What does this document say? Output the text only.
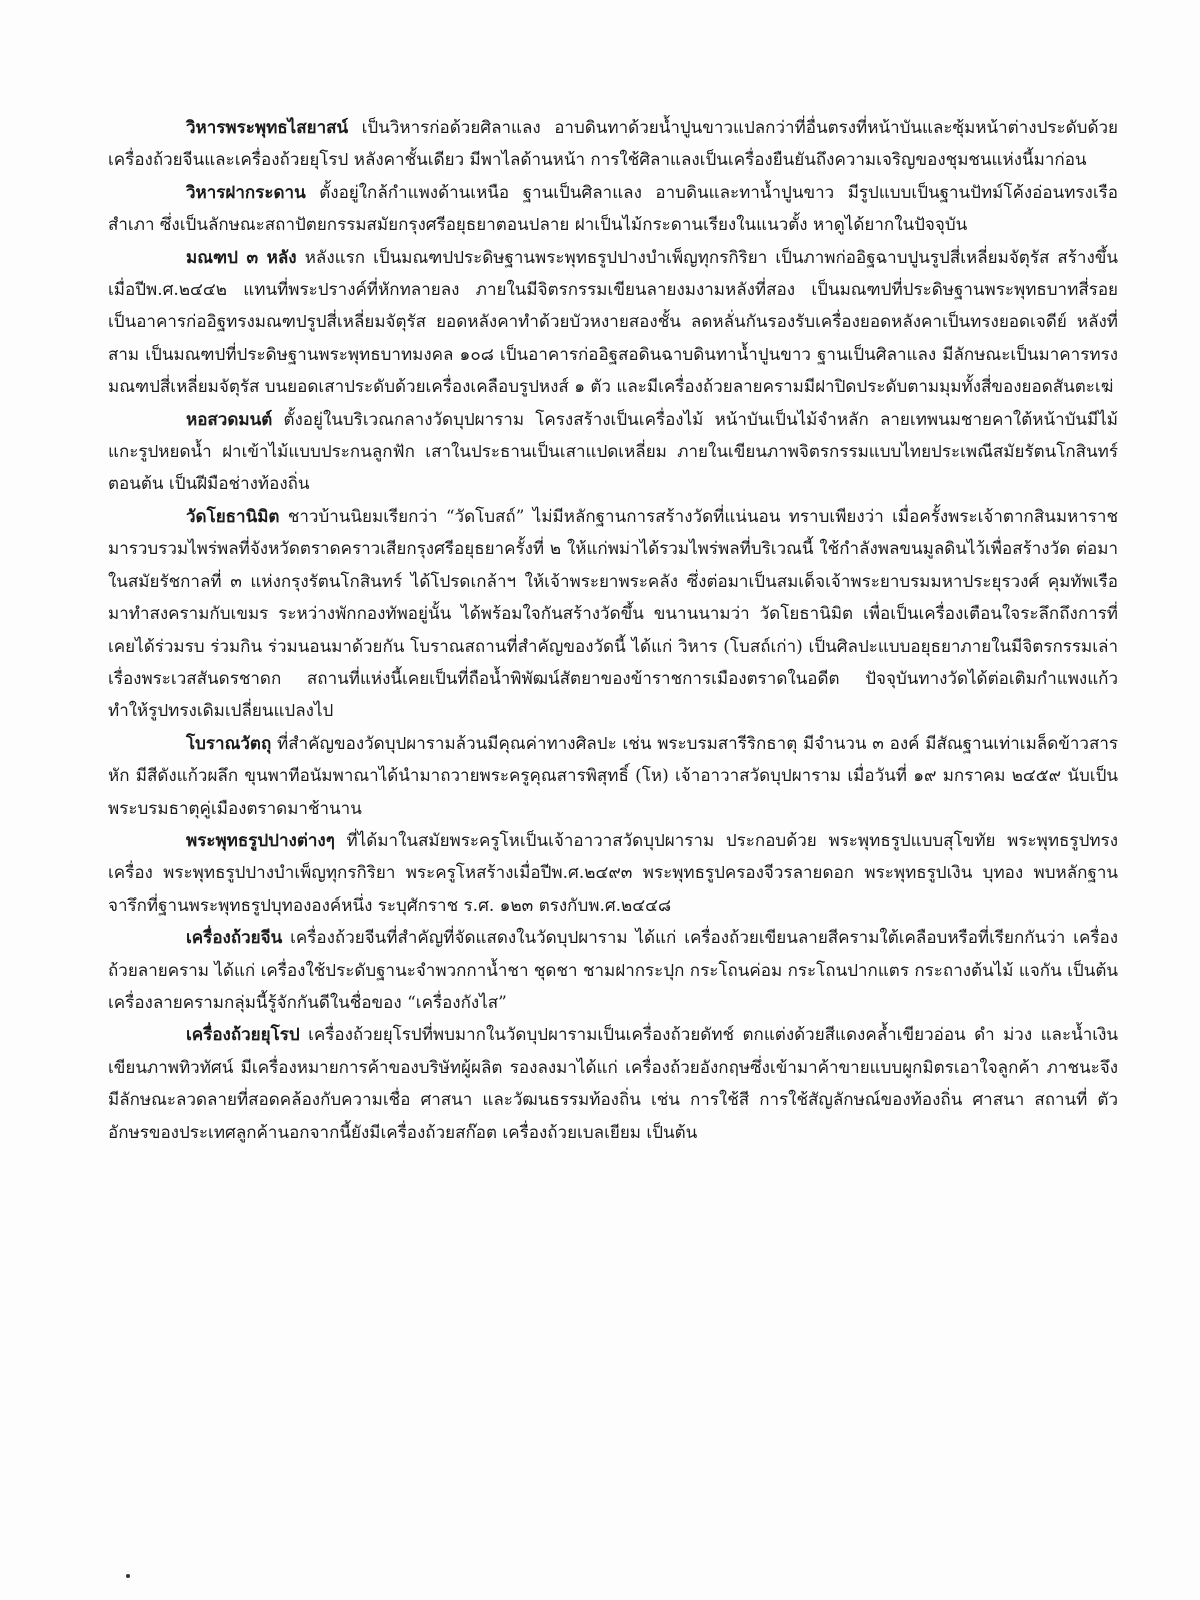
วิหารพระพุทธไสยาสน์ เป็นวิหารก่อด้วยศิลาแลง อาบดินทาด้วยน้ำปูนขาวแปลกว่าที่อื่นตรงที่หน้าบันและซุ้มหน้าต่างประดับด้วยเครื่องถ้วยจีนและเครื่องถ้วยยุโรป หลังคาชั้นเดียว มีพาไลด้านหน้า การใช้ศิลาแลงเป็นเครื่องยืนยันถึงความเจริญของชุมชนแห่งนี้มาก่อน

วิหารฝากระดาน ตั้งอยู่ใกล้กำแพงด้านเหนือ ฐานเป็นศิลาแลง อาบดินและทาน้ำปูนขาว มีรูปแบบเป็นฐานปัทม์โค้งอ่อนทรงเรือสำเภา ซึ่งเป็นลักษณะสถาปัตยกรรมสมัยกรุงศรีอยุธยาตอนปลาย ฝาเป็นไม้กระดานเรียงในแนวตั้ง หาดูได้ยากในปัจจุบัน

มณฑป ๓ หลัง หลังแรก เป็นมณฑปประดิษฐานพระพุทธรูปปางบำเพ็ญทุกรกิริยา เป็นภาพก่ออิฐฉาบปูนรูปสี่เหลี่ยมจัตุรัส สร้างขึ้นเมื่อปีพ.ศ.๒๔๔๒ แทนที่พระปรางค์ที่หักทลายลง ภายในมีจิตรกรรมเขียนลายงมงามหลังที่สอง เป็นมณฑปที่ประดิษฐานพระพุทธบาทสี่รอย เป็นอาคารก่ออิฐทรงมณฑปรูปสี่เหลี่ยมจัตุรัส ยอดหลังคาทำด้วยบัวหงายสองชั้น ลดหลั่นกันรองรับเครื่องยอดหลังคาเป็นทรงยอดเจดีย์ หลังที่สาม เป็นมณฑปที่ประดิษฐานพระพุทธบาทมงคล ๑๐๘ เป็นอาคารก่ออิฐสอดินฉาบดินทาน้ำปูนขาว ฐานเป็นศิลาแลง มีลักษณะเป็นมาคารทรงมณฑปสี่เหลี่ยมจัตุรัส บนยอดเสาประดับด้วยเครื่องเคลือบรูปหงส์ ๑ ตัว และมีเครื่องถ้วยลายครามมีฝาปิดประดับตามมุมทั้งสี่ของยอดสันตะเฆ่

หอสวดมนต์ ตั้งอยู่ในบริเวณกลางวัดบุปผาราม โครงสร้างเป็นเครื่องไม้ หน้าบันเป็นไม้จำหลัก ลายเทพนมชายคาใต้หน้าบันมีไม้แกะรูปหยดน้ำ ฝาเข้าไม้แบบประกนลูกฟัก เสาในประธานเป็นเสาแปดเหลี่ยม ภายในเขียนภาพจิตรกรรมแบบไทยประเพณีสมัยรัตนโกสินทร์ตอนต้น เป็นฝีมือช่างท้องถิ่น

วัดโยธานิมิต ชาวบ้านนิยมเรียกว่า “วัดโบสถ์” ไม่มีหลักฐานการสร้างวัดที่แน่นอน ทราบเพียงว่า เมื่อครั้งพระเจ้าตากสินมหาราชมารวบรวมไพร่พลที่จังหวัดตราดคราวเสียกรุงศรีอยุธยาครั้งที่ ๒ ให้แก่พม่าได้รวมไพร่พลที่บริเวณนี้ ใช้กำลังพลขนมูลดินไว้เพื่อสร้างวัด ต่อมาในสมัยรัชกาลที่ ๓ แห่งกรุงรัตนโกสินทร์ ได้โปรดเกล้าฯ ให้เจ้าพระยาพระคลัง ซึ่งต่อมาเป็นสมเด็จเจ้าพระยาบรมมหาประยุรวงศ์ คุมทัพเรือมาทำสงครามกับเขมร ระหว่างพักกองทัพอยู่นั้น ได้พร้อมใจกันสร้างวัดขึ้น ขนานนามว่า วัดโยธานิมิต เพื่อเป็นเครื่องเตือนใจระลึกถึงการที่เคยได้ร่วมรบ ร่วมกิน ร่วมนอนมาด้วยกัน โบราณสถานที่สำคัญของวัดนี้ ได้แก่ วิหาร (โบสถ์เก่า) เป็นศิลปะแบบอยุธยาภายในมีจิตรกรรมเล่าเรื่องพระเวสสันดรชาดก สถานที่แห่งนี้เคยเป็นที่ถือน้ำพิพัฒน์สัตยาของข้าราชการเมืองตราดในอดีต ปัจจุบันทางวัดได้ต่อเติมกำแพงแก้ว ทำให้รูปทรงเดิมเปลี่ยนแปลงไป

โบราณวัตถุ ที่สำคัญของวัดบุปผารามล้วนมีคุณค่าทางศิลปะ เช่น พระบรมสารีริกธาตุ มีจำนวน ๓ องค์ มีสัณฐานเท่าเมล็ดข้าวสารหัก มีสีดังแก้วผลึก ขุนพาทีอนัมพาณาได้นำมาถวายพระครูคุณสารพิสุทธิ์ (โห) เจ้าอาวาสวัดบุปผาราม เมื่อวันที่ ๑๙ มกราคม ๒๔๕๙ นับเป็นพระบรมธาตุคู่เมืองตราดมาช้านาน

พระพุทธรูปปางต่างๆ ที่ได้มาในสมัยพระครูโหเป็นเจ้าอาวาสวัดบุปผาราม ประกอบด้วย พระพุทธรูปแบบสุโขทัย พระพุทธรูปทรงเครื่อง พระพุทธรูปปางบำเพ็ญทุกรกิริยา พระครูโหสร้างเมื่อปีพ.ศ.๒๔๙๓ พระพุทธรูปครองจีวรลายดอก พระพุทธรูปเงิน บุทอง พบหลักฐานจารึกที่ฐานพระพุทธรูปบุทององค์หนึ่ง ระบุศักราช ร.ศ. ๑๒๓ ตรงกับพ.ศ.๒๔๔๘

เครื่องถ้วยจีน เครื่องถ้วยจีนที่สำคัญที่จัดแสดงในวัดบุปผาราม ได้แก่ เครื่องถ้วยเขียนลายสีครามใต้เคลือบหรือที่เรียกกันว่า เครื่องถ้วยลายคราม ได้แก่ เครื่องใช้ประดับฐานะจำพวกกาน้ำชา ชุดชา ชามฝากระปุก กระโถนค่อม กระโถนปากแตร กระถางต้นไม้ แจกัน เป็นต้น เครื่องลายครามกลุ่มนี้รู้จักกันดีในชื่อของ “เครื่องกังไส”

เครื่องถ้วยยุโรป เครื่องถ้วยยุโรปที่พบมากในวัดบุปผารามเป็นเครื่องถ้วยดัทช์ ตกแต่งด้วยสีแดงคล้ำเขียวอ่อน ดำ ม่วง และน้ำเงิน เขียนภาพทิวทัศน์ มีเครื่องหมายการค้าของบริษัทผู้ผลิต รองลงมาได้แก่ เครื่องถ้วยอังกฤษซึ่งเข้ามาค้าขายแบบผูกมิตรเอาใจลูกค้า ภาชนะจึงมีลักษณะลวดลายที่สอดคล้องกับความเชื่อ ศาสนา และวัฒนธรรมท้องถิ่น เช่น การใช้สี การใช้สัญลักษณ์ของท้องถิ่น ศาสนา สถานที่ ตัวอักษรของประเทศลูกค้านอกจากนี้ยังมีเครื่องถ้วยสก๊อต เครื่องถ้วยเบลเยียม เป็นต้น
